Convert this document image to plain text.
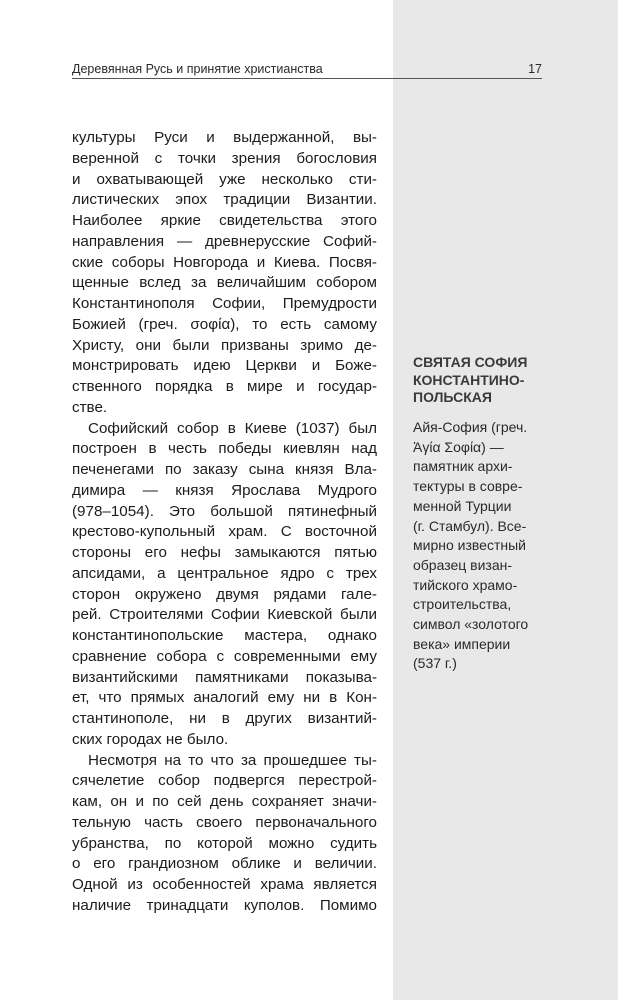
Деревянная Русь и принятие христианства	17

культуры Руси и выдержанной, вы-
веренной с точки зрения богословия
и охватывающей уже несколько сти-
листических эпох традиции Византии.
Наиболее яркие свидетельства этого
направления — древнерусские Софий-
ские соборы Новгорода и Киева. Посвя-
щенные вслед за величайшим собором
Константинополя Софии, Премудрости
Божией (греч. σοφία), то есть самому
Христу, они были призваны зримо де-
монстрировать идею Церкви и Боже-
ственного порядка в мире и государ-
стве.

Софийский собор в Киеве (1037) был
построен в честь победы киевлян над
печенегами по заказу сына князя Вла-
димира — князя Ярослава Мудрого
(978–1054). Это большой пятинефный
крестово-купольный храм. С восточной
стороны его нефы замыкаются пятью
апсидами, а центральное ядро с трех
сторон окружено двумя рядами гале-
рей. Строителями Софии Киевской были
константинопольские мастера, однако
сравнение собора с современными ему
византийскими памятниками показыва-
ет, что прямых аналогий ему ни в Кон-
стантинополе, ни в других византий-
ских городах не было.

Несмотря на то что за прошедшее ты-
сячелетие собор подвергся перестрой-
кам, он и по сей день сохраняет значи-
тельную часть своего первоначального
убранства, по которой можно судить
о его грандиозном облике и величии.
Одной из особенностей храма является
наличие тринадцати куполов. Помимо

СВЯТАЯ СОФИЯ
КОНСТАНТИНО-
ПОЛЬСКАЯ
Айя-София (греч.
Ἁγία Σοφία) —
памятник архи-
тектуры в совре-
менной Турции
(г. Стамбул). Все-
мирно известный
образец визан-
тийского храмо-
строительства,
символ «золотого
века» империи
(537 г.)
